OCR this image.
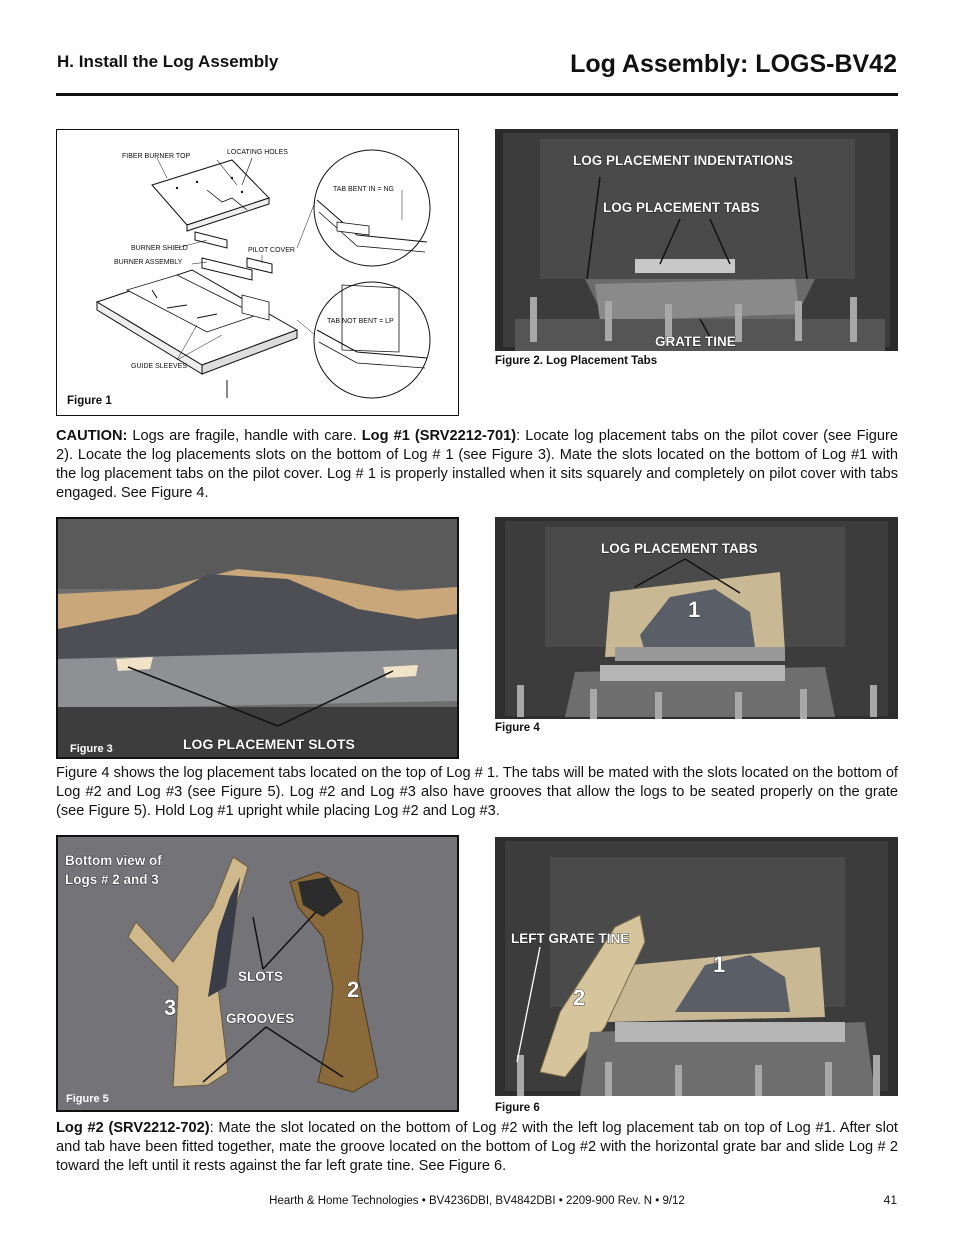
H. Install the Log Assembly	Log Assembly: LOGS-BV42
FIBER BURNER TOP
LOCATING HOLES
TAB BENT IN = NG
BURNER SHIELD	PILOT COVER
BURNER ASSEMBLY
TAB NOT BENT = LP
GUIDE SLEEVES
Figure 1
LOG PLACEMENT INDENTATIONS
LOG PLACEMENT TABS
GRATE TINE
Figure 2. Log Placement Tabs
CAUTION: Logs are fragile, handle with care. Log #1 (SRV2212-701): Locate log placement tabs on the pilot cover (see Figure 2). Locate the log placements slots on the bottom of Log # 1 (see Figure 3). Mate the slots located on the bottom of Log #1 with the log placement tabs on the pilot cover. Log # 1 is properly installed when it sits squarely and completely on pilot cover with tabs engaged. See Figure 4.
LOG PLACEMENT SLOTS
Figure 3
LOG PLACEMENT TABS
1
Figure 4
Figure 4 shows the log placement tabs located on the top of Log # 1. The tabs will be mated with the slots located on the bottom of Log #2 and Log #3 (see Figure 5). Log #2 and Log #3 also have grooves that allow the logs to be seated properly on the grate (see Figure 5). Hold Log #1 upright while placing Log #2 and Log #3.
Bottom view of
Logs # 2 and 3
SLOTS
GROOVES
3
2
Figure 5
LEFT GRATE TINE
1
2
Figure 6
Log #2 (SRV2212-702): Mate the slot located on the bottom of Log #2 with the left log placement tab on top of Log #1. After slot and tab have been fitted together, mate the groove located on the bottom of Log #2 with the horizontal grate bar and slide Log # 2 toward the left until it rests against the far left grate tine. See Figure 6.
Hearth & Home Technologies • BV4236DBI, BV4842DBI • 2209-900 Rev. N • 9/12	41
